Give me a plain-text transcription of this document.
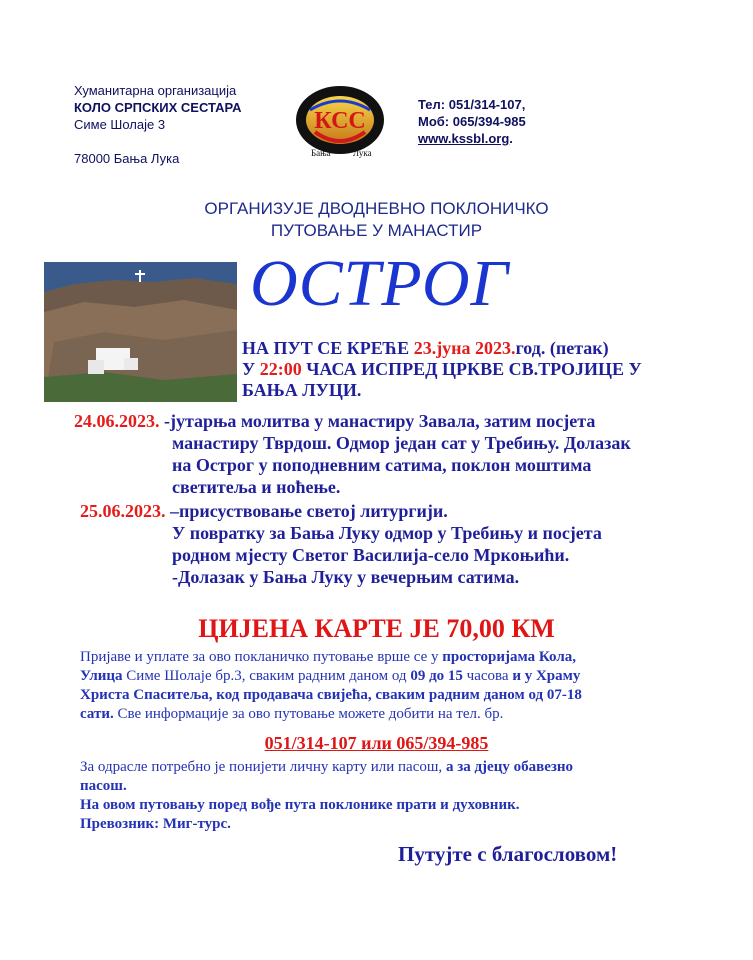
Хуманитарна организација
КОЛО СРПСКИХ СЕСТАРА
Симе Шолаје 3
78000 Бања Лука
КСС
Бања Лука
Тел: 051/314-107,
Моб: 065/394-985
www.kssbl.org.
ОРГАНИЗУЈЕ ДВОДНЕВНО ПОКЛОНИЧКО
ПУТОВАЊЕ У МАНАСТИР
ОСТРОГ
НА ПУТ СЕ КРЕЋЕ 23.јуна 2023.год. (петак)
У 22:00 ЧАСА ИСПРЕД ЦРКВЕ СВ.ТРОЈИЦЕ У
БАЊА ЛУЦИ.
24.06.2023. -јутарња молитва у манастиру Завала, затим посјета
манастиру Тврдош. Одмор један сат у Требињу. Долазак
на Острог у поподневним сатима, поклон моштима
светитеља и ноћење.
25.06.2023. –присуствовање светој литургији.
У повратку за Бања Луку одмор у Требињу и посјета
родном мјесту Светог Василија-село Мркоњићи.
-Долазак у Бања Луку у вечерњим сатима.
ЦИЈЕНА КАРТЕ ЈЕ 70,00 КМ
Пријаве и уплате за ово покланичко путовање врше се у просторијама Кола,
Улица Симе Шолаје бр.3, сваким радним даном од 09 до 15 часова и у Храму
Христа Спаситеља, код продавача свијећа, сваким радним даном од 07-18
сати. Све информације за ово путовање можете добити на тел. бр.
051/314-107 или 065/394-985
За одрасле потребно је понијети личну карту или пасош, а за дјецу обавезно
пасош.
На овом путовању поред вође пута поклонике прати и духовник.
Превозник: Миг-турс.
Путујте с благословом!
